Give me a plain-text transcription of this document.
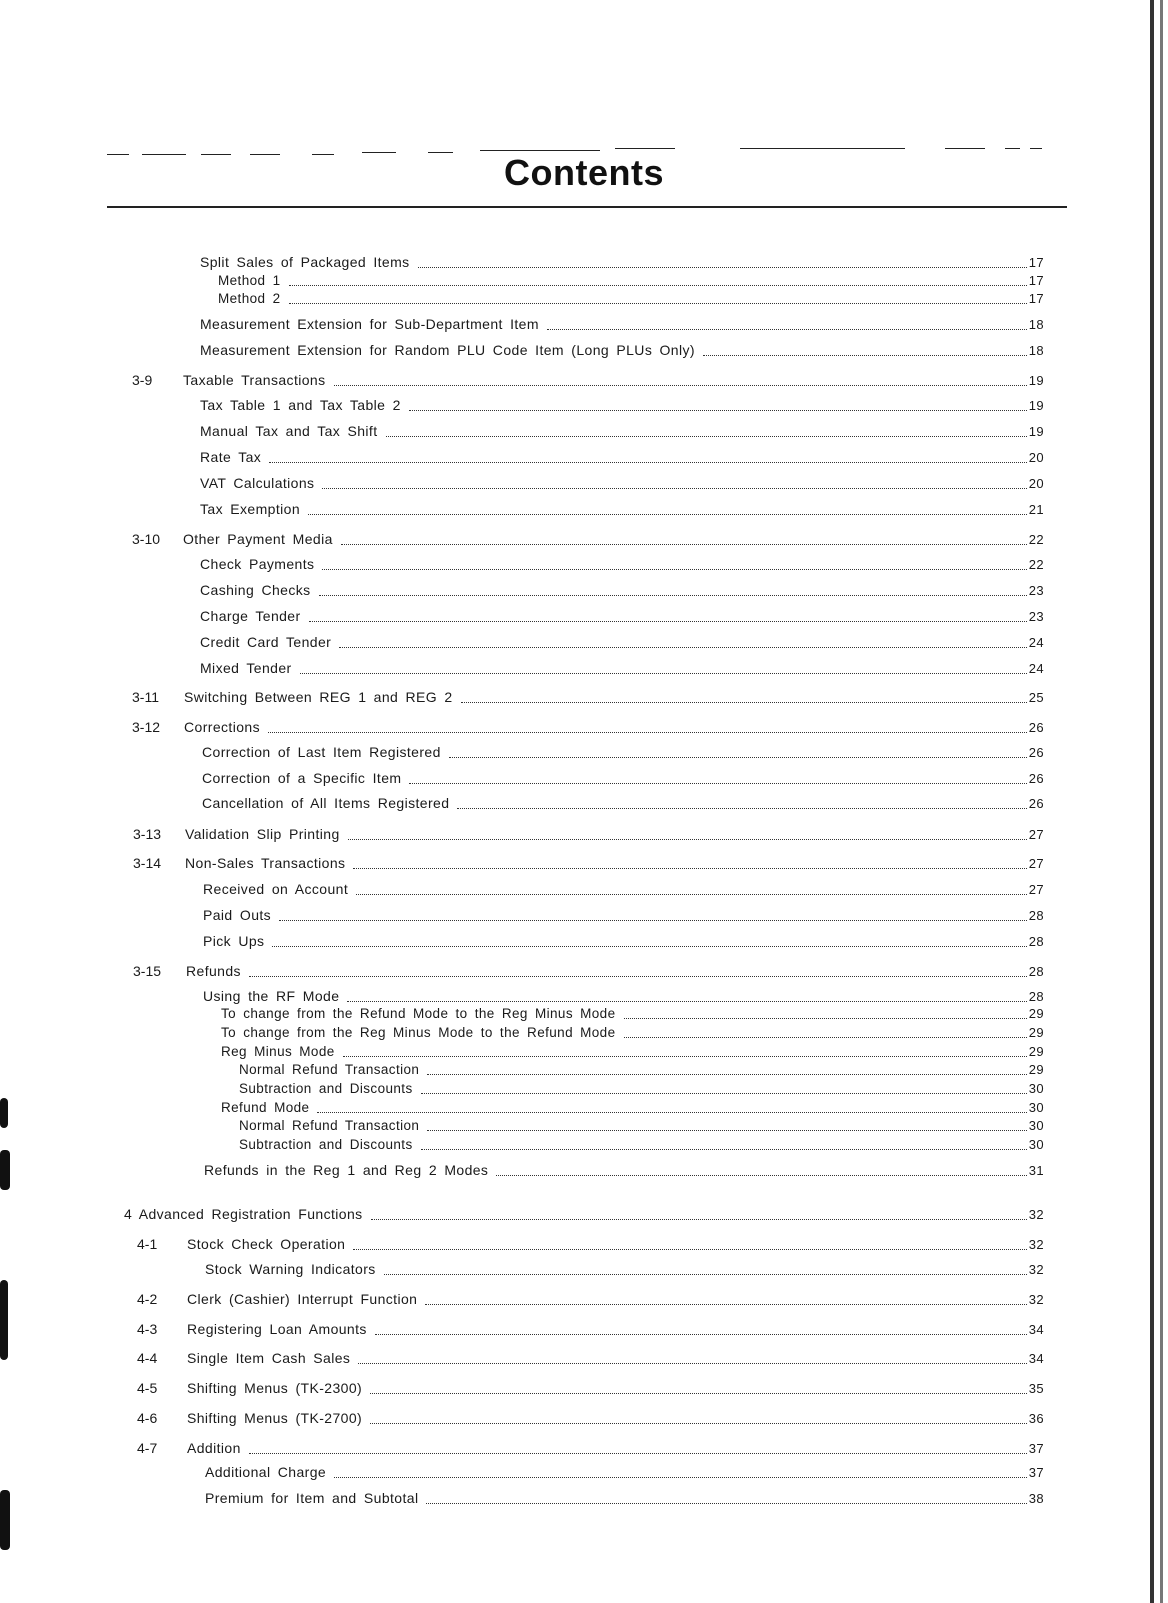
Contents
Split Sales of Packaged Items	17
Method 1	17
Method 2	17
Measurement Extension for Sub-Department Item	18
Measurement Extension for Random PLU Code Item (Long PLUs Only)	18
3-9 Taxable Transactions	19
Tax Table 1 and Tax Table 2	19
Manual Tax and Tax Shift	19
Rate Tax	20
VAT Calculations	20
Tax Exemption	21
3-10 Other Payment Media	22
Check Payments	22
Cashing Checks	23
Charge Tender	23
Credit Card Tender	24
Mixed Tender	24
3-11 Switching Between REG 1 and REG 2	25
3-12 Corrections	26
Correction of Last Item Registered	26
Correction of a Specific Item	26
Cancellation of All Items Registered	26
3-13 Validation Slip Printing	27
3-14 Non-Sales Transactions	27
Received on Account	27
Paid Outs	28
Pick Ups	28
3-15 Refunds	28
Using the RF Mode	28
To change from the Refund Mode to the Reg Minus Mode	29
To change from the Reg Minus Mode to the Refund Mode	29
Reg Minus Mode	29
Normal Refund Transaction	29
Subtraction and Discounts	30
Refund Mode	30
Normal Refund Transaction	30
Subtraction and Discounts	30
Refunds in the Reg 1 and Reg 2 Modes	31
4 Advanced Registration Functions	32
4-1 Stock Check Operation	32
Stock Warning Indicators	32
4-2 Clerk (Cashier) Interrupt Function	32
4-3 Registering Loan Amounts	34
4-4 Single Item Cash Sales	34
4-5 Shifting Menus (TK-2300)	35
4-6 Shifting Menus (TK-2700)	36
4-7 Addition	37
Additional Charge	37
Premium for Item and Subtotal	38
